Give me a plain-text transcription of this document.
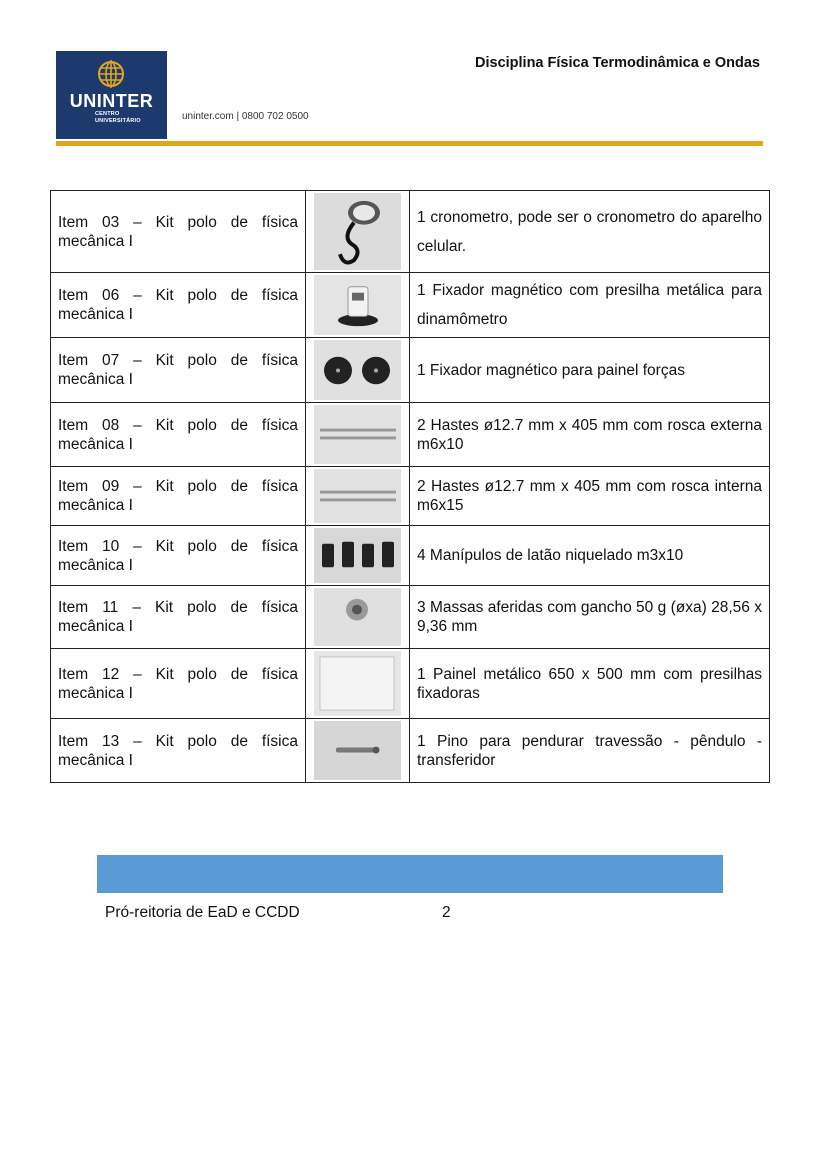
UNINTER
CENTRO
UNIVERSITÁRIO	uninter.com | 0800 702 0500
Disciplina Física Termodinâmica e Ondas
Item 03 – Kit polo de física mecânica I		1 cronometro, pode ser o cronometro do aparelho celular.

Item 06 – Kit polo de física mecânica I		1 Fixador magnético com presilha metálica para dinamômetro

Item 07 – Kit polo de física mecânica I		1 Fixador magnético para painel forças

Item 08 – Kit polo de física mecânica I		2 Hastes ø12.7 mm x 405 mm com rosca externa m6x10

Item 09 – Kit polo de física mecânica I		2 Hastes ø12.7 mm x 405 mm com rosca interna m6x15

Item 10 – Kit polo de física mecânica I		4 Manípulos de latão niquelado m3x10

Item 11 – Kit polo de física mecânica I		3 Massas aferidas com gancho 50 g (øxa) 28,56 x 9,36 mm

Item 12 – Kit polo de física mecânica I		1 Painel metálico 650 x 500 mm com presilhas fixadoras

Item 13 – Kit polo de física mecânica I		1 Pino para pendurar travessão - pêndulo - transferidor
Pró-reitoria de EaD e CCDD	2
